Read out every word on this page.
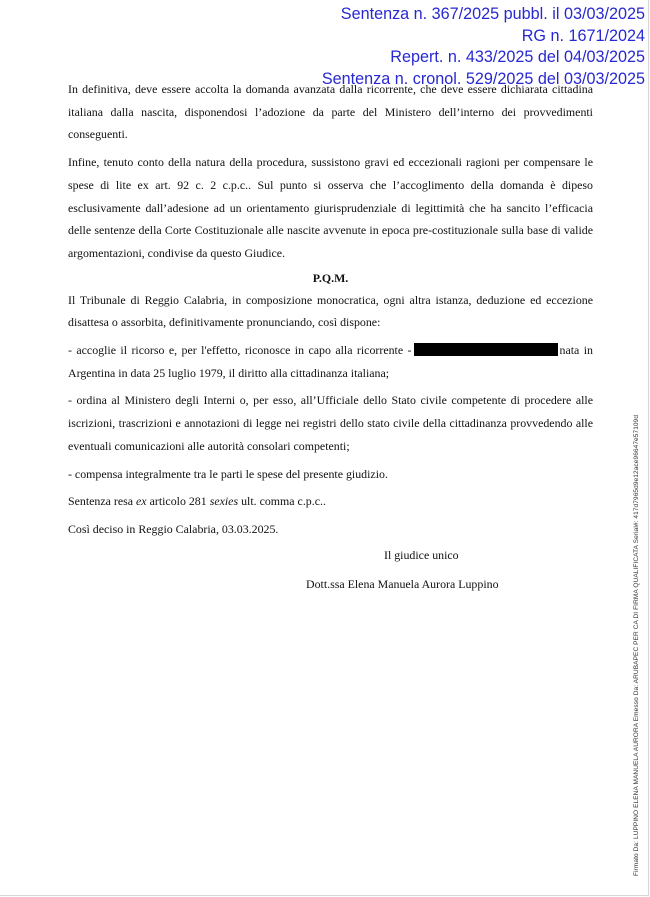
Sentenza n. 367/2025 pubbl. il 03/03/2025
RG n. 1671/2024
Repert. n. 433/2025 del 04/03/2025
Sentenza n. cronol. 529/2025 del 03/03/2025

In definitiva, deve essere accolta la domanda avanzata dalla ricorrente, che deve essere dichiarata cittadina italiana dalla nascita, disponendosi l’adozione da parte del Ministero dell’interno dei provvedimenti conseguenti.

Infine, tenuto conto della natura della procedura, sussistono gravi ed eccezionali ragioni per compensare le spese di lite ex art. 92 c. 2 c.p.c.. Sul punto si osserva che l’accoglimento della domanda è dipeso esclusivamente dall’adesione ad un orientamento giurisprudenziale di legittimità che ha sancito l’efficacia delle sentenze della Corte Costituzionale alle nascite avvenute in epoca pre-costituzionale sulla base di valide argomentazioni, condivise da questo Giudice.

P.Q.M.

Il Tribunale di Reggio Calabria, in composizione monocratica, ogni altra istanza, deduzione ed eccezione disattesa o assorbita, definitivamente pronunciando, così dispone:

- accoglie il ricorso e, per l'effetto, riconosce in capo alla ricorrente -	nata in Argentina in data 25 luglio 1979, il diritto alla cittadinanza italiana;

- ordina al Ministero degli Interni o, per esso, all’Ufficiale dello Stato civile competente di procedere alle iscrizioni, trascrizioni e annotazioni di legge nei registri dello stato civile della cittadinanza provvedendo alle eventuali comunicazioni alle autorità consolari competenti;

- compensa integralmente tra le parti le spese del presente giudizio.

Sentenza resa ex articolo 281 sexies ult. comma c.p.c..

Così deciso in Reggio Calabria, 03.03.2025.

Il giudice unico
Dott.ssa Elena Manuela Aurora Luppino	Firmato Da: LUPPINO ELENA MANUELA AURORA Emesso Da: ARUBAPEC PER CA DI FIRMA QUALIFICATA Serial#: 417d7965d9e12ace96647e57109d
